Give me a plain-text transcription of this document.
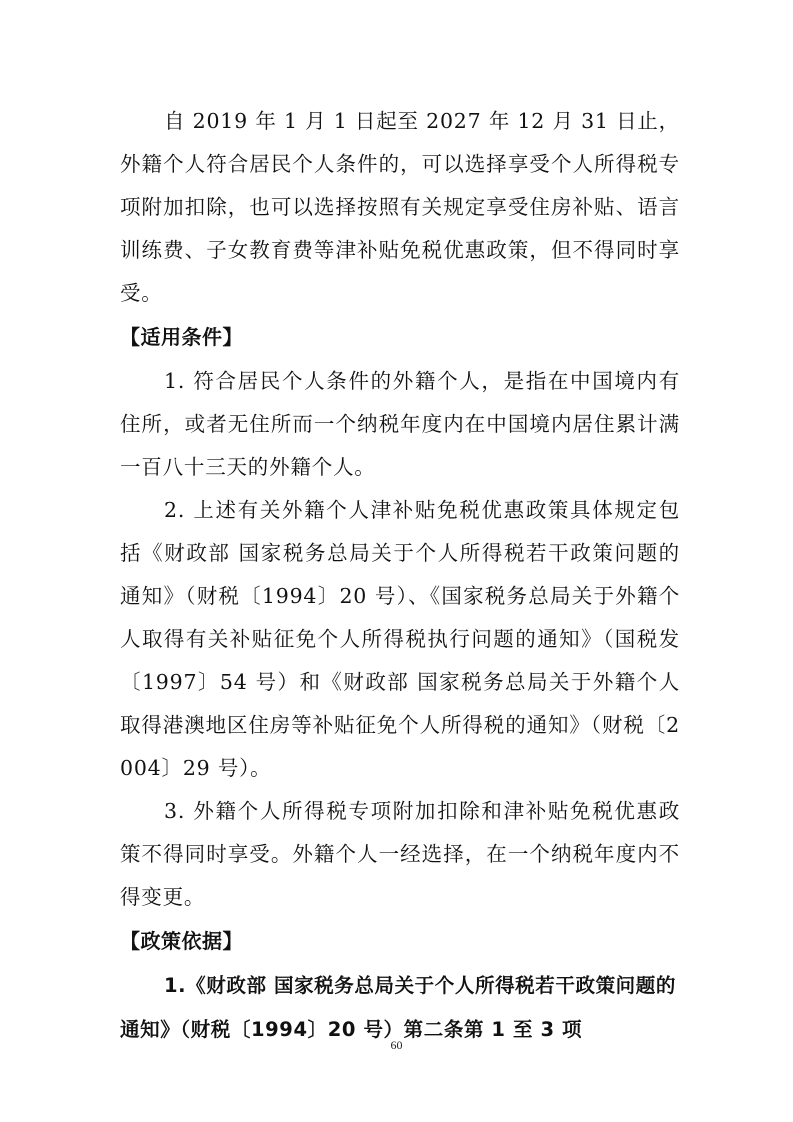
自 2019 年 1 月 1 日起至 2027 年 12 月 31 日止，外籍个人符合居民个人条件的，可以选择享受个人所得税专项附加扣除，也可以选择按照有关规定享受住房补贴、语言训练费、子女教育费等津补贴免税优惠政策，但不得同时享受。

【适用条件】

1. 符合居民个人条件的外籍个人，是指在中国境内有住所，或者无住所而一个纳税年度内在中国境内居住累计满一百八十三天的外籍个人。

2. 上述有关外籍个人津补贴免税优惠政策具体规定包括《财政部 国家税务总局关于个人所得税若干政策问题的通知》（财税〔1994〕20 号）、《国家税务总局关于外籍个人取得有关补贴征免个人所得税执行问题的通知》（国税发〔1997〕54 号）和《财政部 国家税务总局关于外籍个人取得港澳地区住房等补贴征免个人所得税的通知》（财税〔2004〕29 号）。

3. 外籍个人所得税专项附加扣除和津补贴免税优惠政策不得同时享受。外籍个人一经选择，在一个纳税年度内不得变更。

【政策依据】

1.《财政部 国家税务总局关于个人所得税若干政策问题的通知》（财税〔1994〕20 号）第二条第 1 至 3 项

60
